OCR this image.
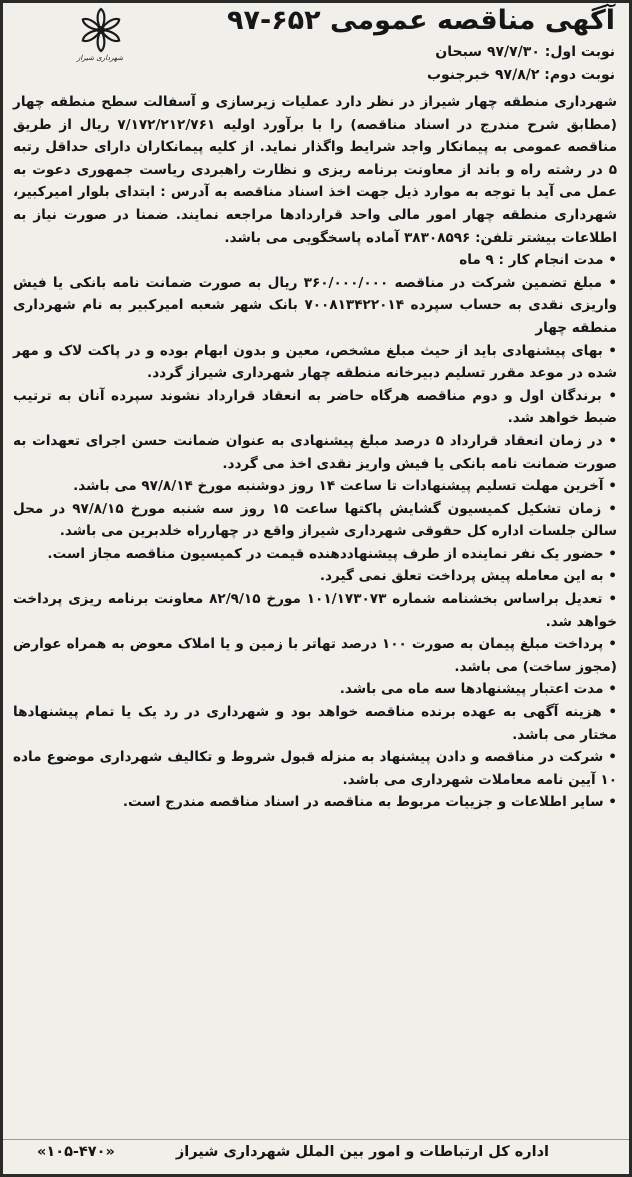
آگهی مناقصه عمومی ۶۵۲-۹۷
شهرداری شیراز	نوبت اول: ۹۷/۷/۳۰ سبحان
نوبت دوم: ۹۷/۸/۲ خبرجنوب

شهرداری منطقه چهار شیراز در نظر دارد عملیات زیرسازی و آسفالت سطح منطقه چهار (مطابق شرح مندرج در اسناد مناقصه) را با برآورد اولیه ۷/۱۷۲/۲۱۲/۷۶۱ ریال از طریق مناقصه عمومی به پیمانکار واجد شرایط واگذار نماید. از کلیه پیمانکاران دارای حداقل رتبه ۵ در رشته راه و باند از معاونت برنامه ریزی و نظارت راهبردی ریاست جمهوری دعوت به عمل می آید با توجه به موارد ذیل جهت اخذ اسناد مناقصه به آدرس : ابتدای بلوار امیرکبیر، شهرداری منطقه چهار امور مالی واحد قراردادها مراجعه نمایند. ضمنا در صورت نیاز به اطلاعات بیشتر تلفن: ۳۸۳۰۸۵۹۶ آماده پاسخگویی می باشد.

• مدت انجام کار : ۹ ماه

• مبلغ تضمین شرکت در مناقصه ۳۶۰/۰۰۰/۰۰۰ ریال به صورت ضمانت نامه بانکی یا فیش واریزی نقدی به حساب سپرده ۷۰۰۸۱۳۴۲۲۰۱۴ بانک شهر شعبه امیرکبیر به نام شهرداری منطقه چهار

• بهای پیشنهادی باید از حیث مبلغ مشخص، معین و بدون ابهام بوده و در پاکت لاک و مهر شده در موعد مقرر تسلیم دبیرخانه منطقه چهار شهرداری شیراز گردد.

• برندگان اول و دوم مناقصه هرگاه حاضر به انعقاد قرارداد نشوند سپرده آنان به ترتیب ضبط خواهد شد.

• در زمان انعقاد قرارداد ۵ درصد مبلغ پیشنهادی به عنوان ضمانت حسن اجرای تعهدات به صورت ضمانت نامه بانکی یا فیش واریز نقدی اخذ می گردد.

• آخرین مهلت تسلیم پیشنهادات تا ساعت ۱۴ روز دوشنبه مورخ ۹۷/۸/۱۴ می باشد.

• زمان تشکیل کمیسیون گشایش پاکتها ساعت ۱۵ روز سه شنبه مورخ ۹۷/۸/۱۵ در محل سالن جلسات اداره کل حقوقی شهرداری شیراز واقع در چهارراه خلدبرین می باشد.

• حضور یک نفر نماینده از طرف پیشنهاددهنده قیمت در کمیسیون مناقصه مجاز است.

• به این معامله پیش پرداخت تعلق نمی گیرد.

• تعدیل براساس بخشنامه شماره ۱۰۱/۱۷۳۰۷۳ مورخ ۸۲/۹/۱۵ معاونت برنامه ریزی پرداخت خواهد شد.

• پرداخت مبلغ پیمان به صورت ۱۰۰ درصد تهاتر با زمین و یا املاک معوض به همراه عوارض (مجوز ساخت) می باشد.

• مدت اعتبار پیشنهادها سه ماه می باشد.

• هزینه آگهی به عهده برنده مناقصه خواهد بود و شهرداری در رد یک یا تمام پیشنهادها مختار می باشد.

• شرکت در مناقصه و دادن پیشنهاد به منزله قبول شروط و تکالیف شهرداری موضوع ماده ۱۰ آیین نامه معاملات شهرداری می باشد.

• سایر اطلاعات و جزییات مربوط به مناقصه در اسناد مناقصه مندرج است.

اداره کل ارتباطات و امور بین الملل شهرداری شیراز
«۱۰۵-۴۷۰»
